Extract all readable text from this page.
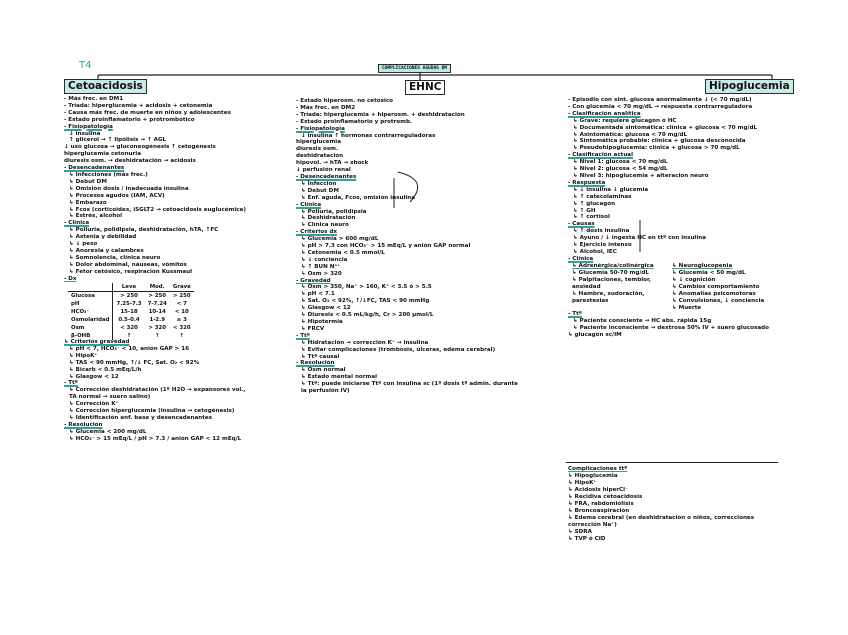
T4	COMPLICACIONES AGUDAS DM
Cetoacidosis	EHNC	Hipoglucemia
- Más frec. en DM1
- Tríada: hiperglucemia + acidosis + cetonemia
- Causa más frec. de muerte en niños y adolescentes
- Estado proinflamatorio + protrombótico
- Fisiopatología
↓ insulina
↑ glicerol → ↑ lipólisis → ↑ AGL
↓ uso glucosa → gluconeogénesis ↑ cetogénesis
hiperglucemia cetonuria
diuresis osm. → deshidratación → acidosis
- Desencadenantes
↳ Infecciones (más frec.)
↳ Debut DM
↳ Omisión dosis / inadecuada insulina
↳ Procesos agudos (IAM, ACV)
↳ Embarazo
↳ Fcos (corticoides, iSGLT2 → cetoacidosis euglucémica)
↳ Estrés, alcohol
- Clínica
↳ Poliuria, polidipsia, deshidratación, hTA, ↑FC
↳ Astenia y debilidad
↳ ↓ peso
↳ Anorexia y calambres
↳ Somnolencia, clínica neuro
↳ Dolor abdominal, náuseas, vómitos
↳ Fetor cetósico, respiración Kussmaul
- Dx
	Leve	Mod.	Grave
Glucosa	> 250	> 250	> 250
pH	7.25-7.3	7-7.24	< 7
HCO₃⁻	15-18	10-14	< 10
Osmolaridad	0.5-0.4	1-2.9	≥ 3
Osm	< 320	> 320	< 320
β-OHB	↑	↑	↑
↳ Criterios gravedad
↳ pH < 7, HCO₃⁻ < 10, anión GAP > 16
↳ HipoK⁺
↳ TAS < 90 mmHg, ↑/↓ FC, Sat. O₂ < 92%
↳ Bicarb < 0.5 mEq/L/h
↳ Glasgow < 12
- Ttº
↳ Corrección deshidratación (1º H2O → expansores vol.,
TA normal → suero salino)
↳ Corrección K⁺
↳ Corrección hiperglucemia (insulina → cetogénesis)
↳ Identificación enf. base y desencadenantes
- Resolución
↳ Glucemia < 200 mg/dL
↳ HCO₃⁻ > 15 mEq/L / pH > 7.3 / anión GAP < 12 mEq/L
- Estado hiperosm. no cetósico
- Más frec. en DM2
- Tríada: hiperglucemia + hiperosm. + deshidratación
- Estado proinflamatorio y protromb.
- Fisiopatología
↓ insulina ↑ hormonas contrarreguladoras
hiperglucemia
diuresis osm.
deshidratación
hipovol. → hTA → shock
↓ perfusión renal
- Desencadenantes
↳ Infección
↳ Debut DM
↳ Enf. aguda, Fcos, omisión insulina
- Clínica
↳ Poliuria, polidipsia
↳ Deshidratación
↳ Clínica neuro
- Criterios dx
↳ Glucemia > 600 mg/dL
↳ pH > 7.3 con HCO₃⁻ > 15 mEq/L y anión GAP normal
↳ Cetonemia < 0.5 mmol/L
↳ ↓ conciencia
↳ ↑ BUN Nᵃ⁺
↳ Osm > 320
- Gravedad
↳ Osm > 350, Na⁺ > 160, K⁺ < 3.5 ó > 5.5
↳ pH < 7.1
↳ Sat. O₂ < 92%, ↑/↓FC, TAS < 90 mmHg
↳ Glasgow < 12
↳ Diuresis < 0.5 mL/kg/h, Cr > 200 μmol/L
↳ Hipotermia
↳ FRCV
- Ttº
↳ Hidratación → corrección K⁺ → insulina
↳ Evitar complicaciones (trombosis, úlceras, edema cerebral)
↳ Ttº causal
- Resolución
↳ Osm normal
↳ Estado mental normal
↳ Ttº: puede iniciarse Ttº con insulina sc (1ª dosis tª admin. durante
la perfusión IV)
- Episodio con sint. glucosa anormalmente ↓ (< 70 mg/dL)
- Con glucemia < 70 mg/dL → respuesta contrarreguladora
- Clasificación analítica
↳ Grave: requiere glucagón ó HC
↳ Documentada sintomática: clínica + glucosa < 70 mg/dL
↳ Asintomática: glucosa < 70 mg/dL
↳ Sintomática probable: clínica + glucosa desconocida
↳ Pseudohipoglucemia: clínica + glucosa > 70 mg/dL
- Clasificación actual
↳ Nivel 1: glucosa < 70 mg/dL
↳ Nivel 2: glucosa < 54 mg/dL
↳ Nivel 3: hipoglucemia + alteración neuro
- Respuesta
↳ ↓ insulina ↓ glucemia
↳ ↑ catecolaminas
↳ ↑ glucagón
↳ ↑ GH
↳ ↑ cortisol
- Causas
↳ ↑ dosis insulina
↳ Ayuno / ↓ ingesta HC en ttº con insulina
↳ Ejercicio intenso
↳ Alcohol, IEC
- Clínica
↳ Adrenérgica/colinérgica
↳ Glucemia 50-70 mg/dL
↳ Palpitaciones, temblor,
ansiedad
↳ Hambre, sudoración,
parestesias
↳ Neuroglucopenia
↳ Glucemia < 50 mg/dL
↳ ↓ cognición
↳ Cambios comportamiento
↳ Anomalías psicomotoras
↳ Convulsiones, ↓ conciencia
↳ Muerte
- Ttº
↳ Paciente consciente → HC abs. rápida 15g
↳ Paciente inconsciente → dextrosa 50% IV + suero glucosado
↳ glucagón sc/IM
Complicaciones ttº
↳ Hipoglucemia
↳ HipoK⁺
↳ Acidosis hiperCl⁻
↳ Recidiva cetoacidosis
↳ FRA, rabdomiólisis
↳ Broncoaspiración
↳ Edema cerebral (en deshidratación o niños, correcciones
corrección Na⁺)
↳ SDRA
↳ TVP ó CID
